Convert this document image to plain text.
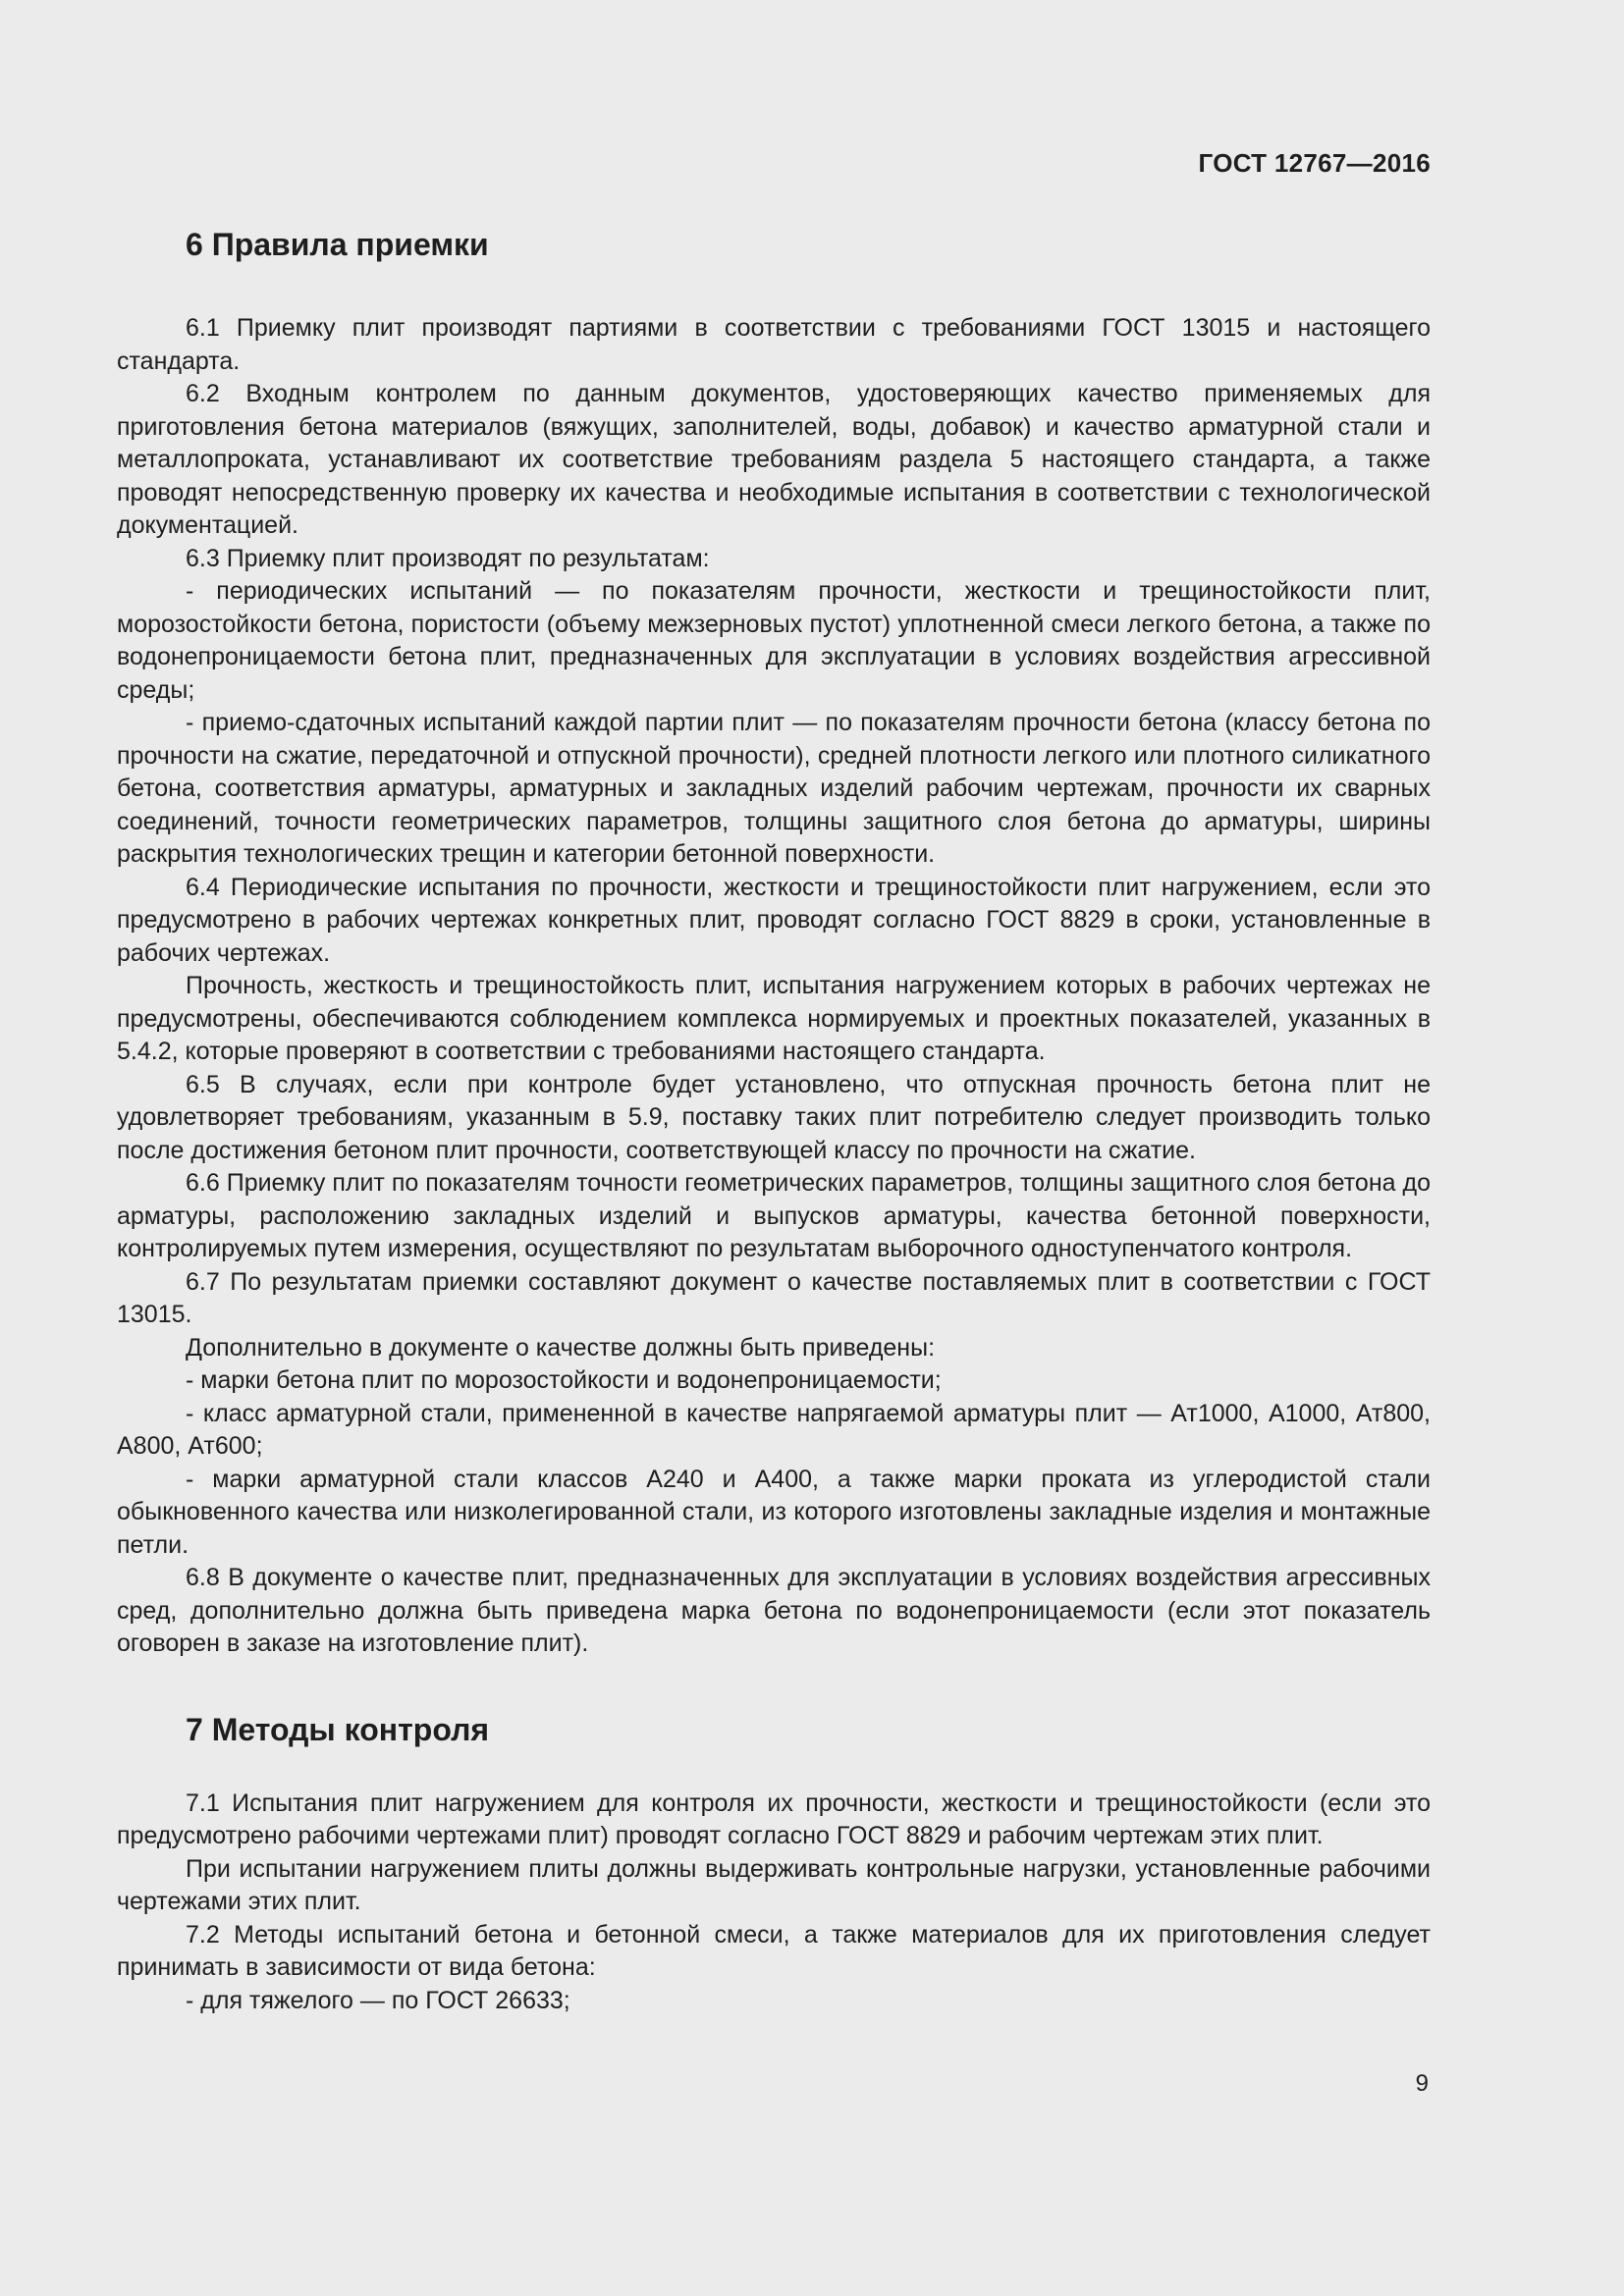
ГОСТ 12767—2016

6 Правила приемки

6.1 Приемку плит производят партиями в соответствии с требованиями ГОСТ 13015 и настоящего стандарта.

6.2 Входным контролем по данным документов, удостоверяющих качество применяемых для приготовления бетона материалов (вяжущих, заполнителей, воды, добавок) и качество арматурной стали и металлопроката, устанавливают их соответствие требованиям раздела 5 настоящего стандарта, а также проводят непосредственную проверку их качества и необходимые испытания в соответствии с технологической документацией.

6.3 Приемку плит производят по результатам:

- периодических испытаний — по показателям прочности, жесткости и трещиностойкости плит, морозостойкости бетона, пористости (объему межзерновых пустот) уплотненной смеси легкого бетона, а также по водонепроницаемости бетона плит, предназначенных для эксплуатации в условиях воздействия агрессивной среды;

- приемо-сдаточных испытаний каждой партии плит — по показателям прочности бетона (классу бетона по прочности на сжатие, передаточной и отпускной прочности), средней плотности легкого или плотного силикатного бетона, соответствия арматуры, арматурных и закладных изделий рабочим чертежам, прочности их сварных соединений, точности геометрических параметров, толщины защитного слоя бетона до арматуры, ширины раскрытия технологических трещин и категории бетонной поверхности.

6.4 Периодические испытания по прочности, жесткости и трещиностойкости плит нагружением, если это предусмотрено в рабочих чертежах конкретных плит, проводят согласно ГОСТ 8829 в сроки, установленные в рабочих чертежах.

Прочность, жесткость и трещиностойкость плит, испытания нагружением которых в рабочих чертежах не предусмотрены, обеспечиваются соблюдением комплекса нормируемых и проектных показателей, указанных в 5.4.2, которые проверяют в соответствии с требованиями настоящего стандарта.

6.5 В случаях, если при контроле будет установлено, что отпускная прочность бетона плит не удовлетворяет требованиям, указанным в 5.9, поставку таких плит потребителю следует производить только после достижения бетоном плит прочности, соответствующей классу по прочности на сжатие.

6.6 Приемку плит по показателям точности геометрических параметров, толщины защитного слоя бетона до арматуры, расположению закладных изделий и выпусков арматуры, качества бетонной поверхности, контролируемых путем измерения, осуществляют по результатам выборочного одноступенчатого контроля.

6.7 По результатам приемки составляют документ о качестве поставляемых плит в соответствии с ГОСТ 13015.

Дополнительно в документе о качестве должны быть приведены:

- марки бетона плит по морозостойкости и водонепроницаемости;

- класс арматурной стали, примененной в качестве напрягаемой арматуры плит — Ат1000, А1000, Ат800, А800, Ат600;

- марки арматурной стали классов А240 и А400, а также марки проката из углеродистой стали обыкновенного качества или низколегированной стали, из которого изготовлены закладные изделия и монтажные петли.

6.8 В документе о качестве плит, предназначенных для эксплуатации в условиях воздействия агрессивных сред, дополнительно должна быть приведена марка бетона по водонепроницаемости (если этот показатель оговорен в заказе на изготовление плит).

7 Методы контроля

7.1 Испытания плит нагружением для контроля их прочности, жесткости и трещиностойкости (если это предусмотрено рабочими чертежами плит) проводят согласно ГОСТ 8829 и рабочим чертежам этих плит.

При испытании нагружением плиты должны выдерживать контрольные нагрузки, установленные рабочими чертежами этих плит.

7.2 Методы испытаний бетона и бетонной смеси, а также материалов для их приготовления следует принимать в зависимости от вида бетона:

- для тяжелого — по ГОСТ 26633;

9
